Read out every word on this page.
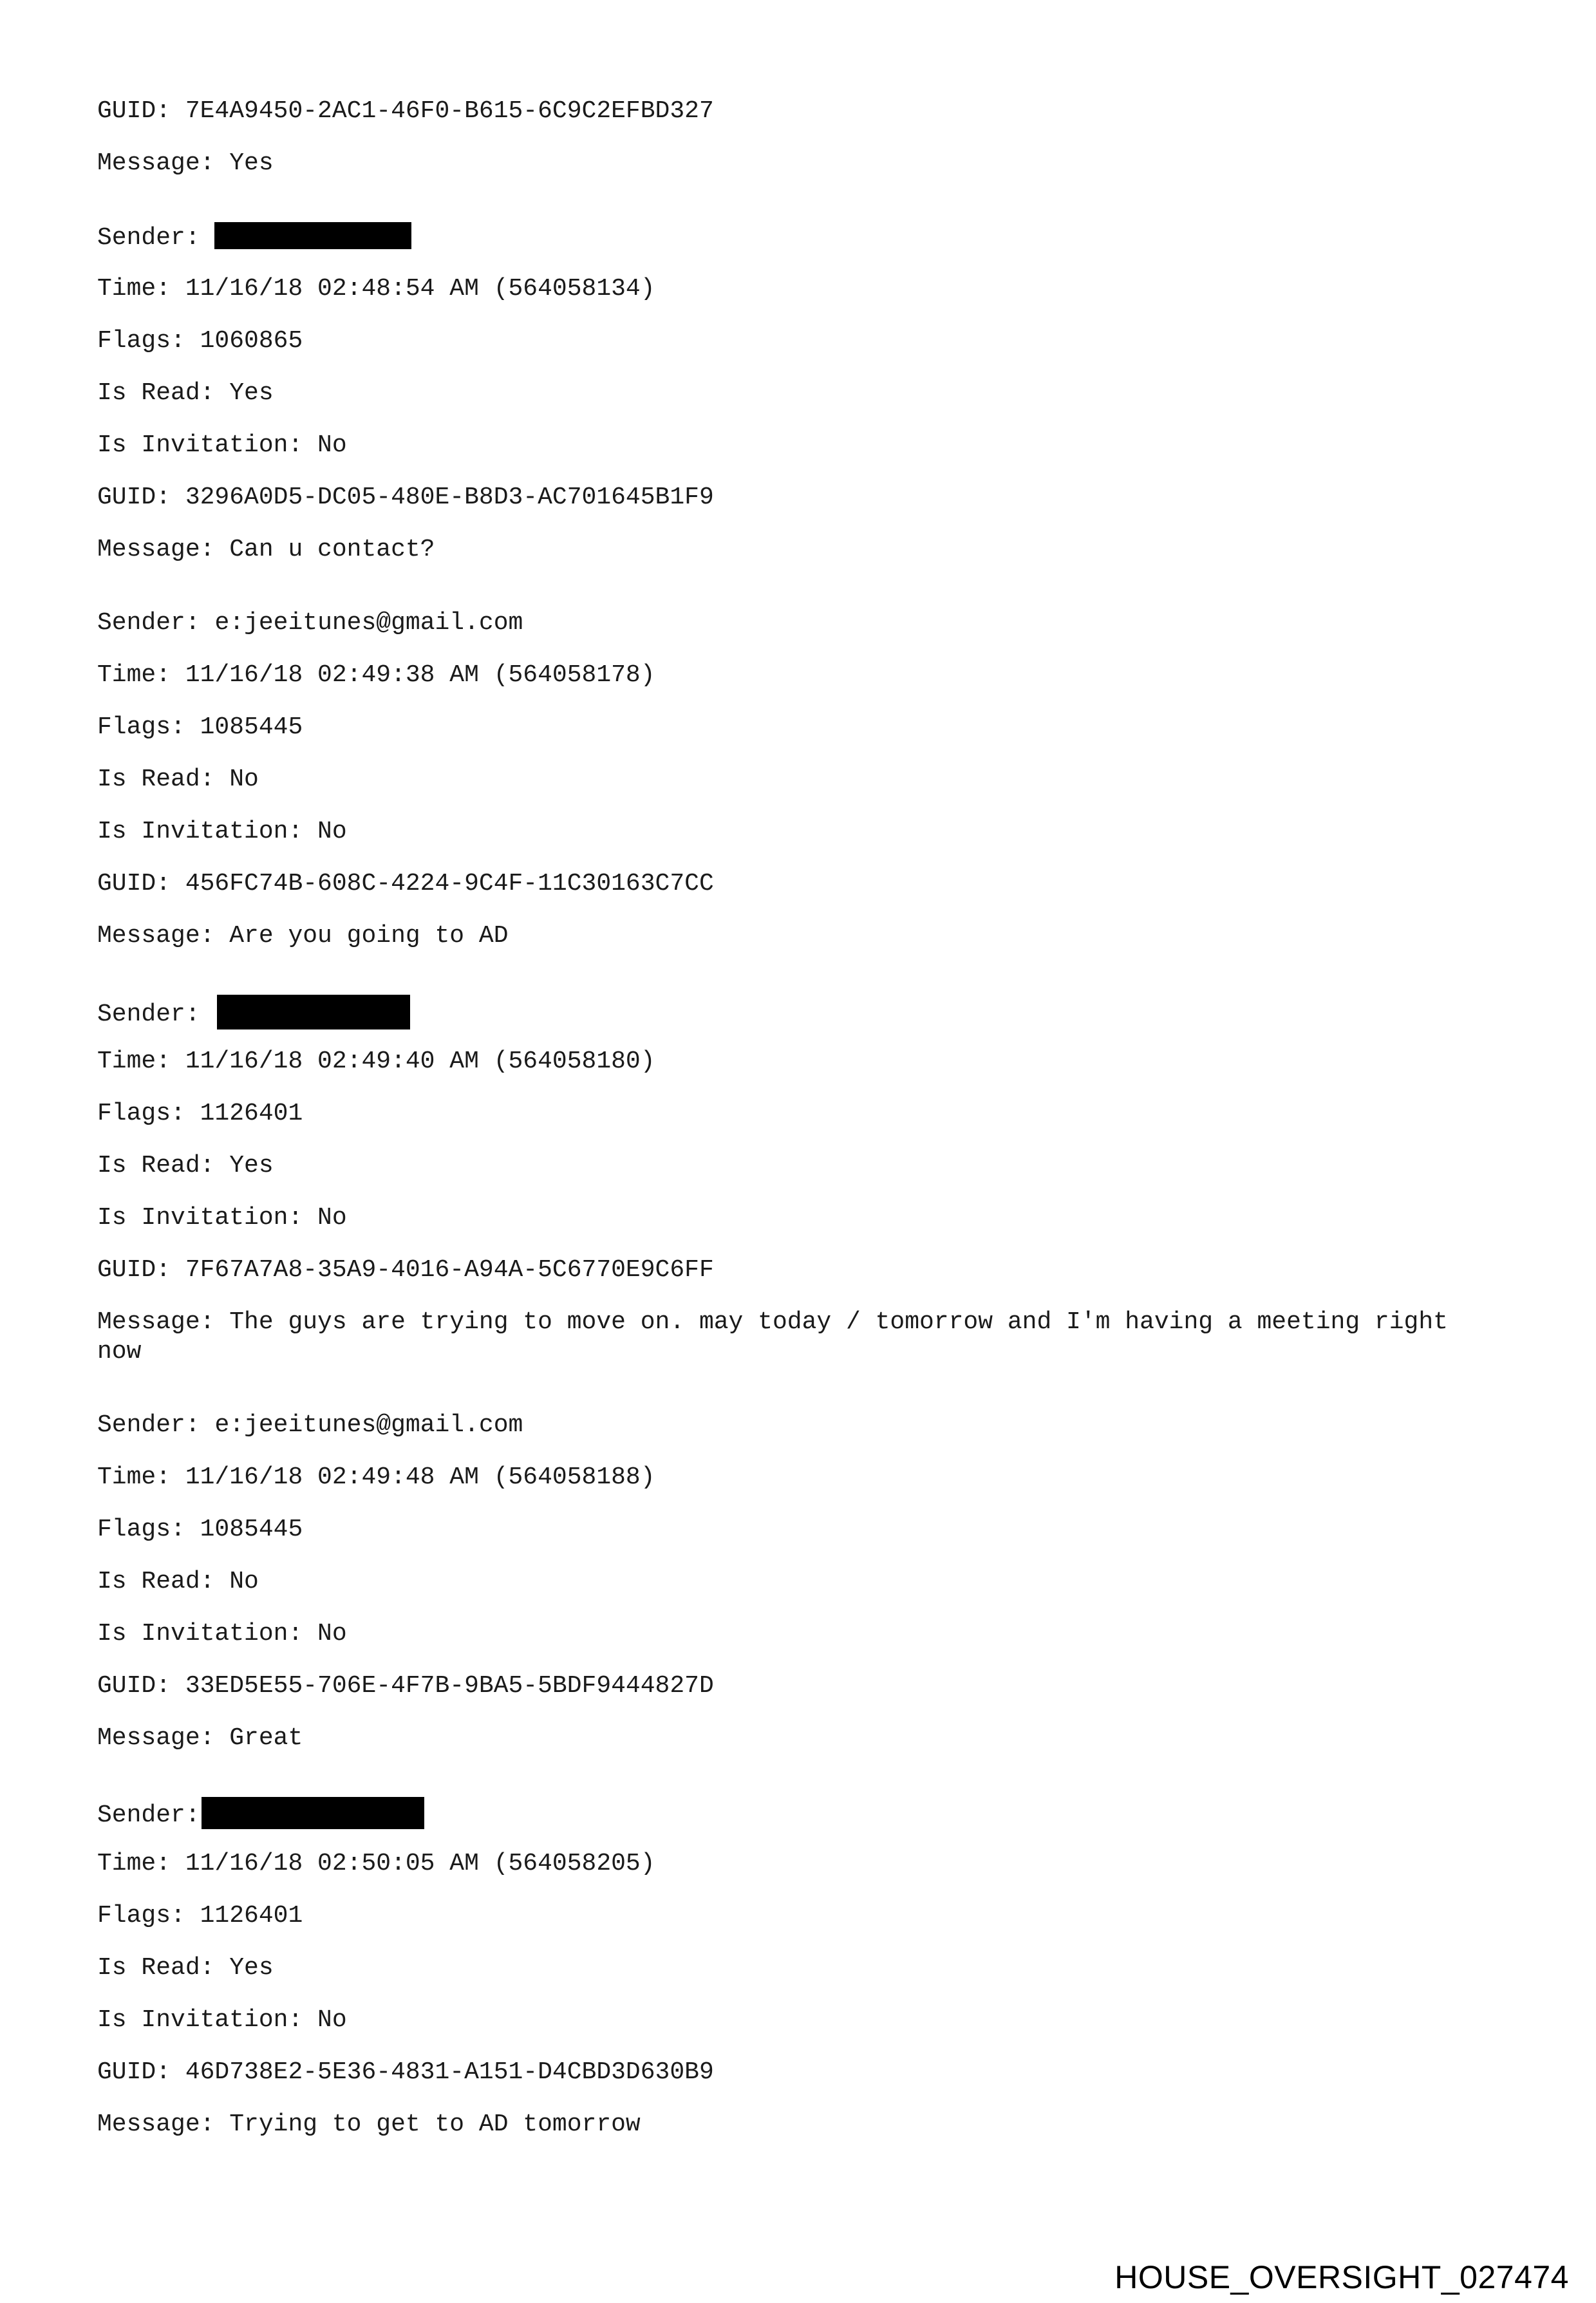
GUID: 7E4A9450-2AC1-46F0-B615-6C9C2EFBD327
Message: Yes
Sender:
Time: 11/16/18 02:48:54 AM (564058134)
Flags: 1060865
Is Read: Yes
Is Invitation: No
GUID: 3296A0D5-DC05-480E-B8D3-AC701645B1F9
Message: Can u contact?
Sender: e:jeeitunes@gmail.com
Time: 11/16/18 02:49:38 AM (564058178)
Flags: 1085445
Is Read: No
Is Invitation: No
GUID: 456FC74B-608C-4224-9C4F-11C30163C7CC
Message: Are you going to AD
Sender:
Time: 11/16/18 02:49:40 AM (564058180)
Flags: 1126401
Is Read: Yes
Is Invitation: No
GUID: 7F67A7A8-35A9-4016-A94A-5C6770E9C6FF
Message: The guys are trying to move on. may today / tomorrow and I'm having a meeting right now
Sender: e:jeeitunes@gmail.com
Time: 11/16/18 02:49:48 AM (564058188)
Flags: 1085445
Is Read: No
Is Invitation: No
GUID: 33ED5E55-706E-4F7B-9BA5-5BDF9444827D
Message: Great
Sender:
Time: 11/16/18 02:50:05 AM (564058205)
Flags: 1126401
Is Read: Yes
Is Invitation: No
GUID: 46D738E2-5E36-4831-A151-D4CBD3D630B9
Message: Trying to get to AD tomorrow
HOUSE_OVERSIGHT_027474
